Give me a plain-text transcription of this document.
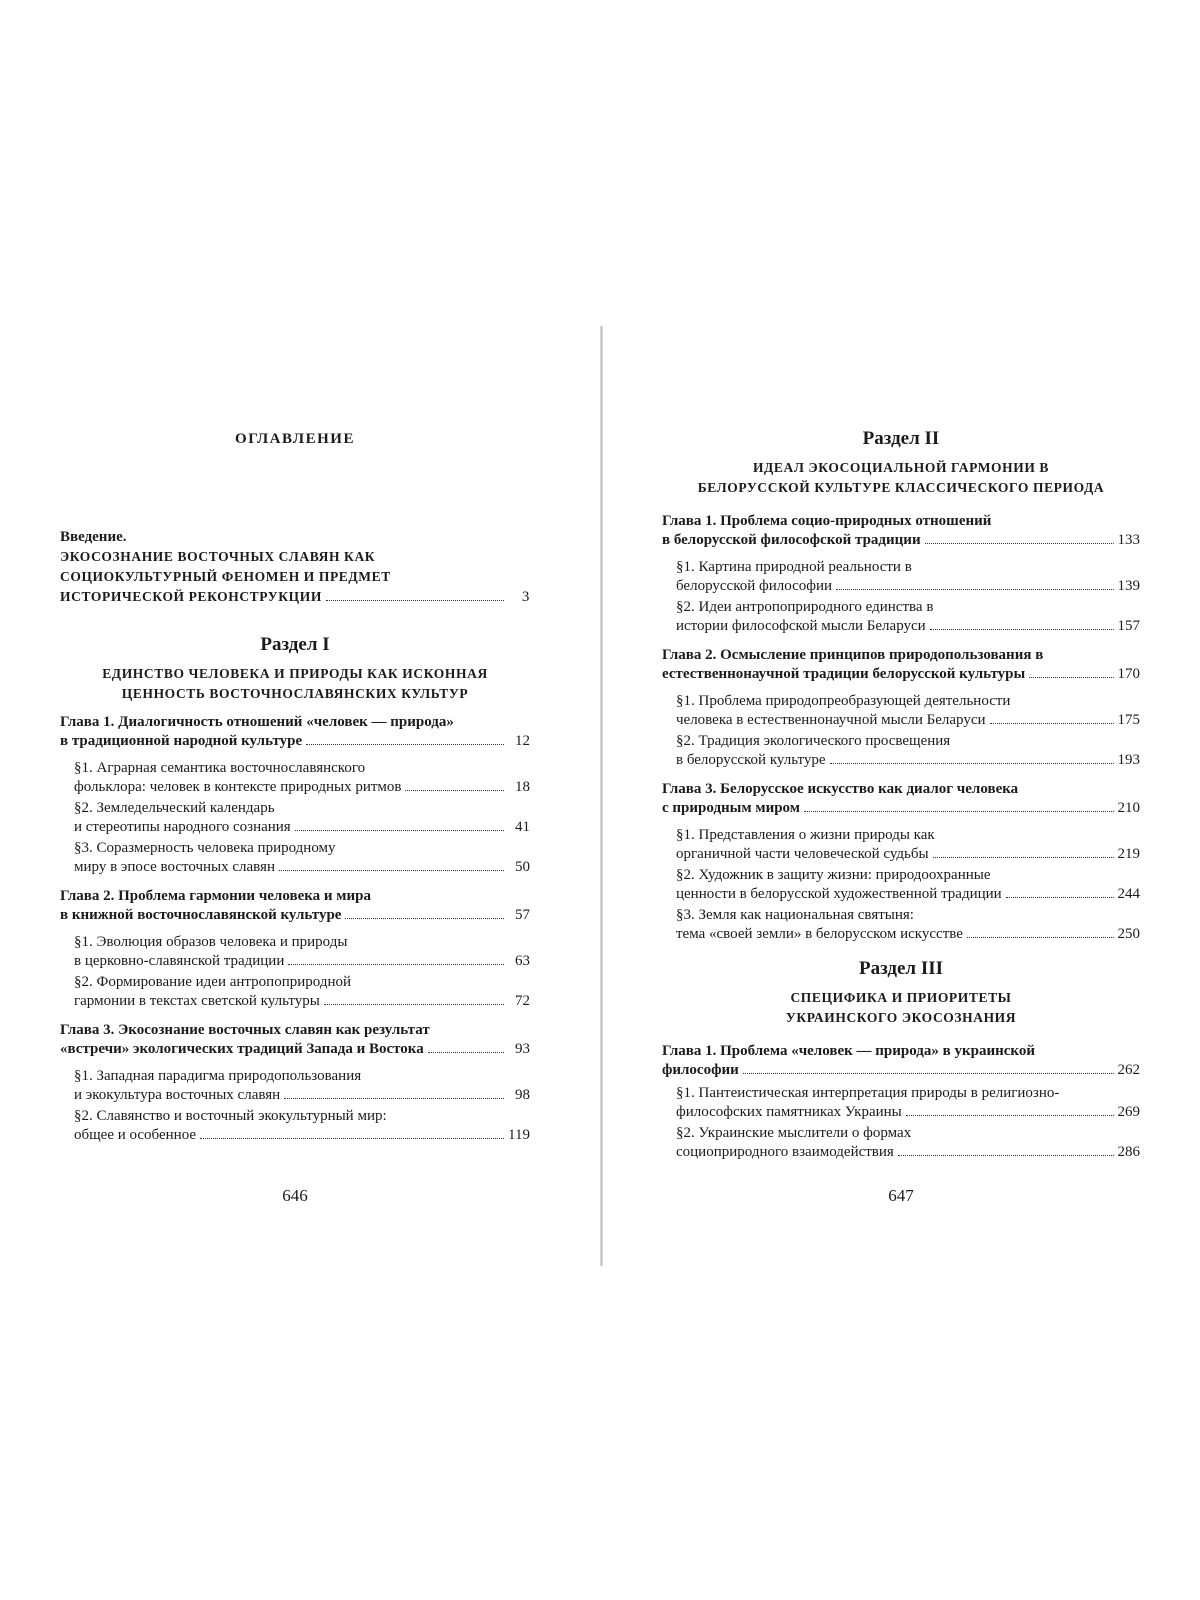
ОГЛАВЛЕНИЕ
Введение.
ЭКОСОЗНАНИЕ ВОСТОЧНЫХ СЛАВЯН КАК
СОЦИОКУЛЬТУРНЫЙ ФЕНОМЕН И ПРЕДМЕТ
ИСТОРИЧЕСКОЙ РЕКОНСТРУКЦИИ	3
Раздел I
ЕДИНСТВО ЧЕЛОВЕКА И ПРИРОДЫ КАК ИСКОННАЯ
ЦЕННОСТЬ ВОСТОЧНОСЛАВЯНСКИХ КУЛЬТУР
Глава 1. Диалогичность отношений «человек — природа»
в традиционной народной культуре	12
§1. Аграрная семантика восточнославянского
фольклора: человек в контексте природных ритмов	18
§2. Земледельческий календарь
и стереотипы народного сознания	41
§3. Соразмерность человека природному
миру в эпосе восточных славян	50
Глава 2. Проблема гармонии человека и мира
в книжной восточнославянской культуре	57
§1. Эволюция образов человека и природы
в церковно-славянской традиции	63
§2. Формирование идеи антропоприродной
гармонии в текстах светской культуры	72
Глава 3. Экосознание восточных славян как результат
«встречи» экологических традиций Запада и Востока	93
§1. Западная парадигма природопользования
и экокультура восточных славян	98
§2. Славянство и восточный экокультурный мир:
общее и особенное	119
646
Раздел II
ИДЕАЛ ЭКОСОЦИАЛЬНОЙ ГАРМОНИИ В
БЕЛОРУССКОЙ КУЛЬТУРЕ КЛАССИЧЕСКОГО ПЕРИОДА
Глава 1. Проблема социо-природных отношений
в белорусской философской традиции	133
§1. Картина природной реальности в
белорусской философии	139
§2. Идеи антропоприродного единства в
истории философской мысли Беларуси	157
Глава 2. Осмысление принципов природопользования в
естественнонаучной традиции белорусской культуры	170
§1. Проблема природопреобразующей деятельности
человека в естественнонаучной мысли Беларуси	175
§2. Традиция экологического просвещения
в белорусской культуре	193
Глава 3. Белорусское искусство как диалог человека
с природным миром	210
§1. Представления о жизни природы как
органичной части человеческой судьбы	219
§2. Художник в защиту жизни: природоохранные
ценности в белорусской художественной традиции	244
§3. Земля как национальная святыня:
тема «своей земли» в белорусском искусстве	250
Раздел III
СПЕЦИФИКА И ПРИОРИТЕТЫ
УКРАИНСКОГО ЭКОСОЗНАНИЯ
Глава 1. Проблема «человек — природа» в украинской
философии	262
§1. Пантеистическая интерпретация природы в религиозно-
философских памятниках Украины	269
§2. Украинские мыслители о формах
социоприродного взаимодействия	286
647
